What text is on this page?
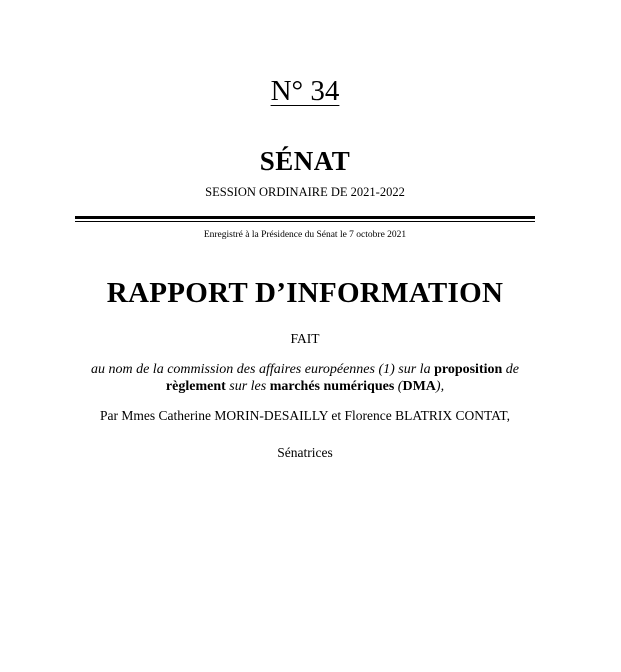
N° 34
SÉNAT
SESSION ORDINAIRE DE 2021-2022
Enregistré à la Présidence du Sénat le 7 octobre 2021
RAPPORT D’INFORMATION
FAIT
au nom de la commission des affaires européennes (1) sur la proposition de règlement sur les marchés numériques (DMA),
Par Mmes Catherine MORIN-DESAILLY et Florence BLATRIX CONTAT,
Sénatrices
